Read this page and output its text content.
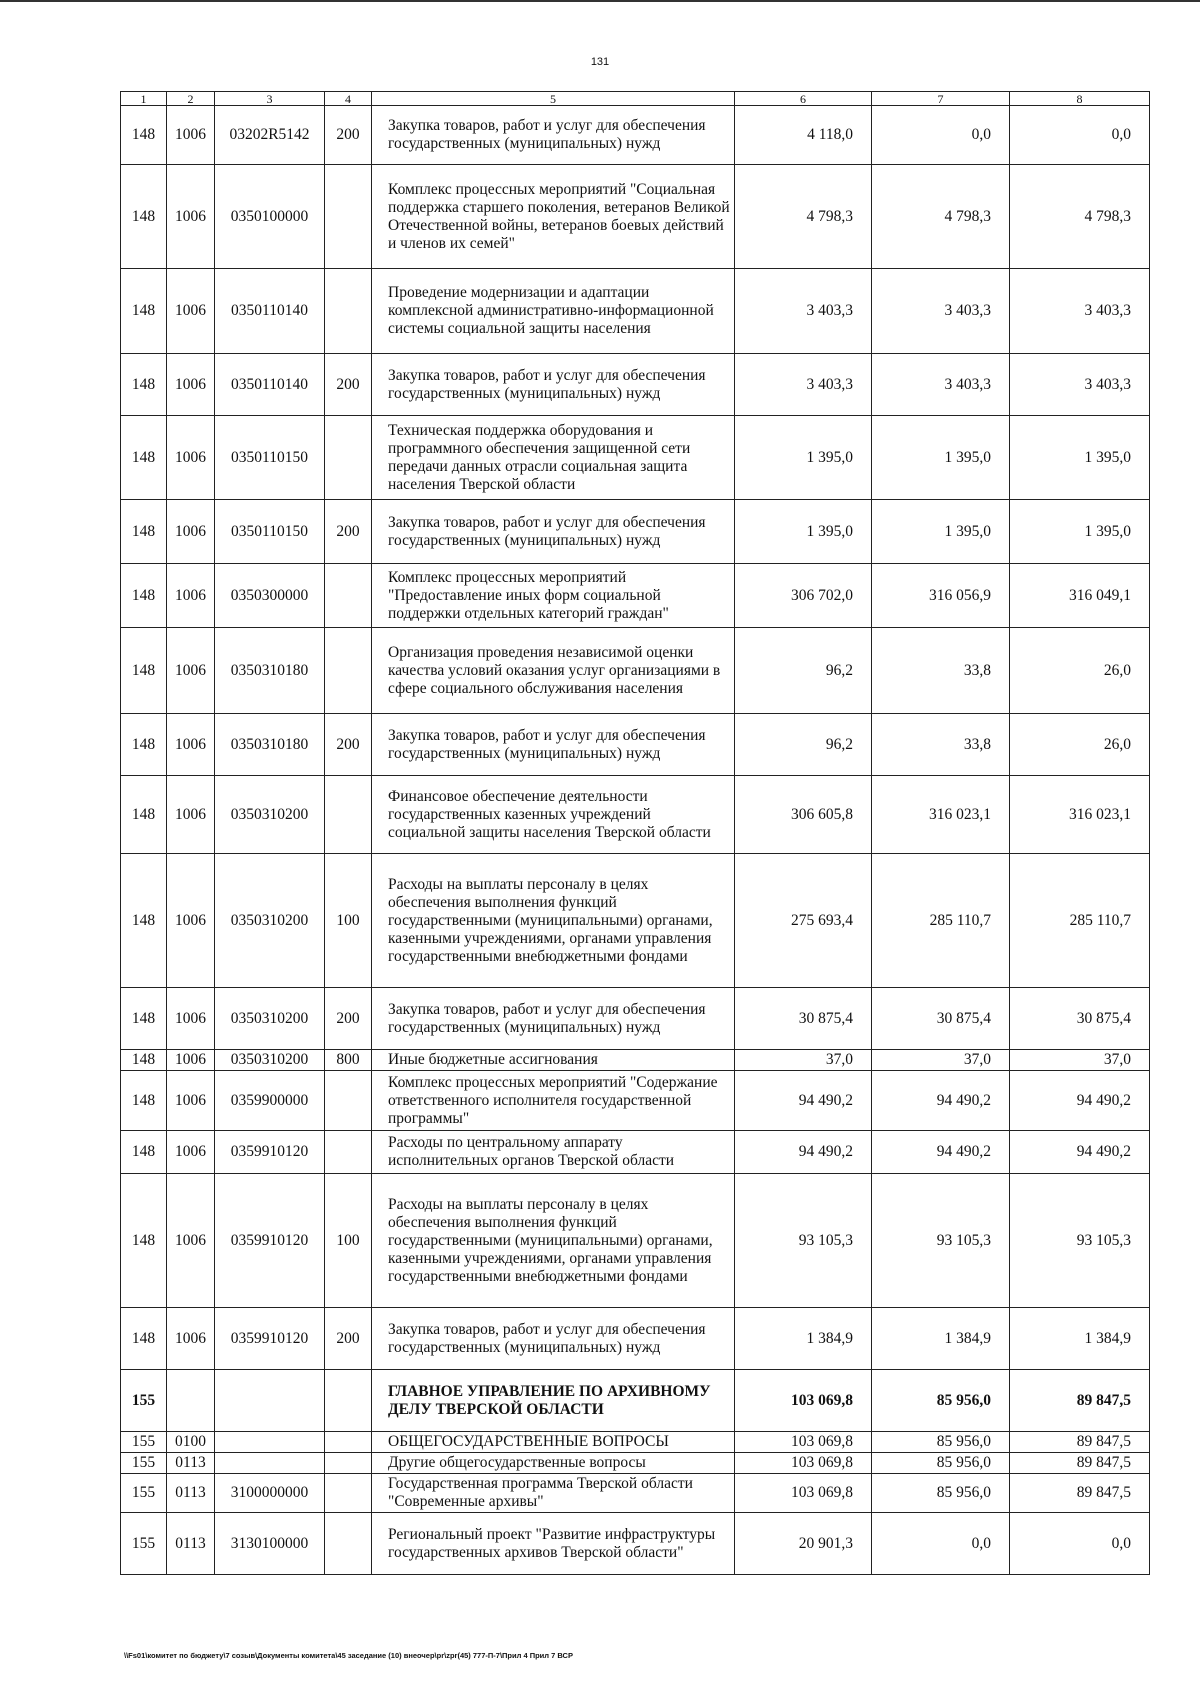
131
1	2	3	4	5	6	7	8
148	1006	03202R5142	200	Закупка товаров, работ и услуг для обеспечения государственных (муниципальных) нужд	4 118,0	0,0	0,0
148	1006	0350100000		Комплекс процессных мероприятий "Социальная поддержка старшего поколения, ветеранов Великой Отечественной войны, ветеранов боевых действий и членов их семей"	4 798,3	4 798,3	4 798,3
148	1006	0350110140		Проведение модернизации и адаптации комплексной административно-информационной системы социальной защиты населения	3 403,3	3 403,3	3 403,3
148	1006	0350110140	200	Закупка товаров, работ и услуг для обеспечения государственных (муниципальных) нужд	3 403,3	3 403,3	3 403,3
148	1006	0350110150		Техническая поддержка оборудования и программного обеспечения защищенной сети передачи данных отрасли социальная защита населения Тверской области	1 395,0	1 395,0	1 395,0
148	1006	0350110150	200	Закупка товаров, работ и услуг для обеспечения государственных (муниципальных) нужд	1 395,0	1 395,0	1 395,0
148	1006	0350300000		Комплекс процессных мероприятий "Предоставление иных форм социальной поддержки отдельных категорий граждан"	306 702,0	316 056,9	316 049,1
148	1006	0350310180		Организация проведения независимой оценки качества условий оказания услуг организациями в сфере социального обслуживания населения	96,2	33,8	26,0
148	1006	0350310180	200	Закупка товаров, работ и услуг для обеспечения государственных (муниципальных) нужд	96,2	33,8	26,0
148	1006	0350310200		Финансовое обеспечение деятельности государственных казенных учреждений социальной защиты населения Тверской области	306 605,8	316 023,1	316 023,1
148	1006	0350310200	100	Расходы на выплаты персоналу в целях обеспечения выполнения функций государственными (муниципальными) органами, казенными учреждениями, органами управления государственными внебюджетными фондами	275 693,4	285 110,7	285 110,7
148	1006	0350310200	200	Закупка товаров, работ и услуг для обеспечения государственных (муниципальных) нужд	30 875,4	30 875,4	30 875,4
148	1006	0350310200	800	Иные бюджетные ассигнования	37,0	37,0	37,0
148	1006	0359900000		Комплекс процессных мероприятий "Содержание ответственного исполнителя государственной программы"	94 490,2	94 490,2	94 490,2
148	1006	0359910120		Расходы по центральному аппарату исполнительных органов Тверской области	94 490,2	94 490,2	94 490,2
148	1006	0359910120	100	Расходы на выплаты персоналу в целях обеспечения выполнения функций государственными (муниципальными) органами, казенными учреждениями, органами управления государственными внебюджетными фондами	93 105,3	93 105,3	93 105,3
148	1006	0359910120	200	Закупка товаров, работ и услуг для обеспечения государственных (муниципальных) нужд	1 384,9	1 384,9	1 384,9
155				ГЛАВНОЕ УПРАВЛЕНИЕ ПО АРХИВНОМУ ДЕЛУ ТВЕРСКОЙ ОБЛАСТИ	103 069,8	85 956,0	89 847,5
155	0100			ОБЩЕГОСУДАРСТВЕННЫЕ ВОПРОСЫ	103 069,8	85 956,0	89 847,5
155	0113			Другие общегосударственные вопросы	103 069,8	85 956,0	89 847,5
155	0113	3100000000		Государственная программа Тверской области "Современные архивы"	103 069,8	85 956,0	89 847,5
155	0113	3130100000		Региональный проект "Развитие инфраструктуры государственных архивов Тверской области"	20 901,3	0,0	0,0
\\Fs01\комитет по бюджету\7 созыв\Документы комитета\45 заседание (10) внеочер\pr\zpr(45) 777-П-7\Прил 4 Прил 7 ВСР
